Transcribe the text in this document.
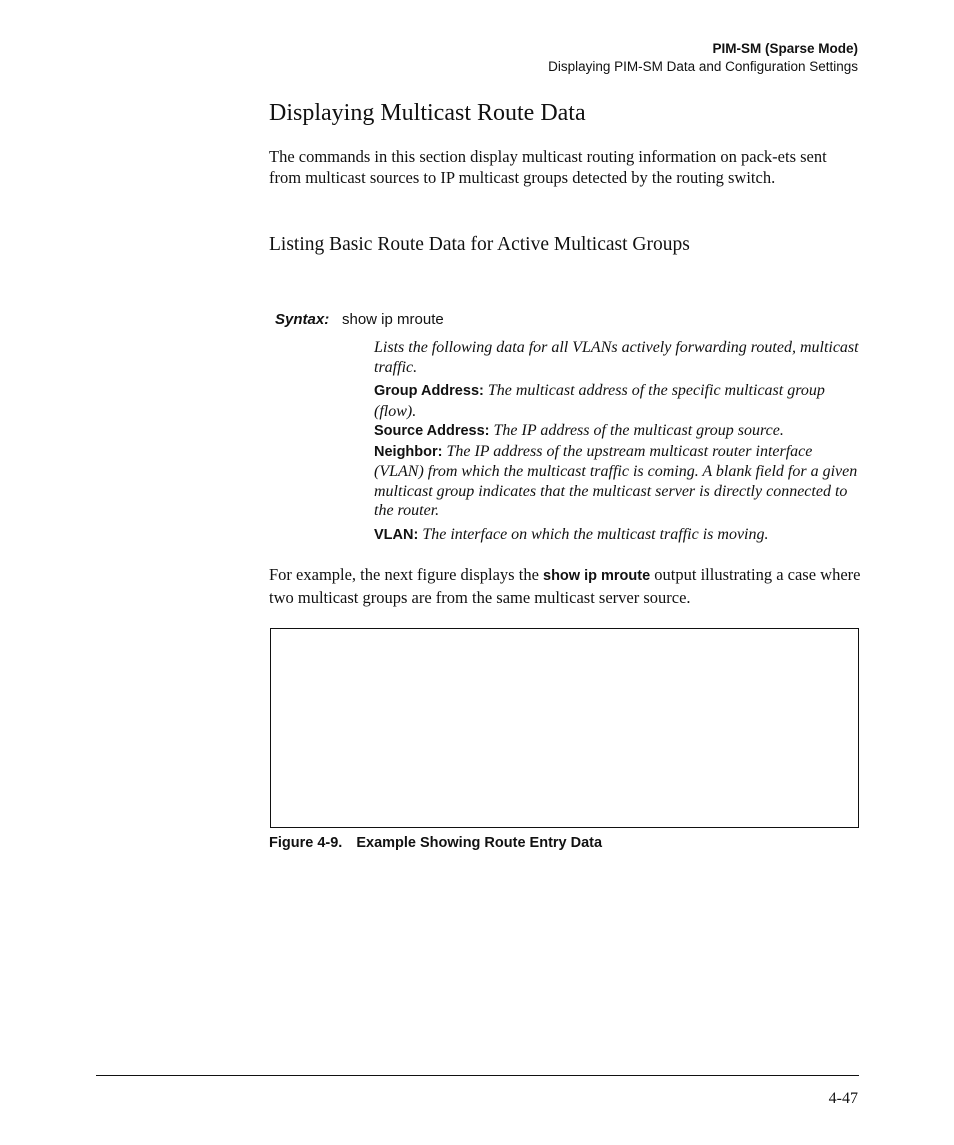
PIM-SM (Sparse Mode)
Displaying PIM-SM Data and Configuration Settings
Displaying Multicast Route Data

The commands in this section display multicast routing information on pack-ets sent from multicast sources to IP multicast groups detected by the routing switch.

Listing Basic Route Data for Active Multicast Groups
Syntax: show ip mroute

Lists the following data for all VLANs actively forwarding routed, multicast traffic.

Group Address: The multicast address of the specific multicast group (flow).

Source Address: The IP address of the multicast group source.

Neighbor: The IP address of the upstream multicast router interface (VLAN) from which the multicast traffic is coming. A blank field for a given multicast group indicates that the multicast server is directly connected to the router.

VLAN: The interface on which the multicast traffic is moving.

For example, the next figure displays the show ip mroute output illustrating a case where two multicast groups are from the same multicast server source.

Figure 4-9. Example Showing Route Entry Data
4-47
